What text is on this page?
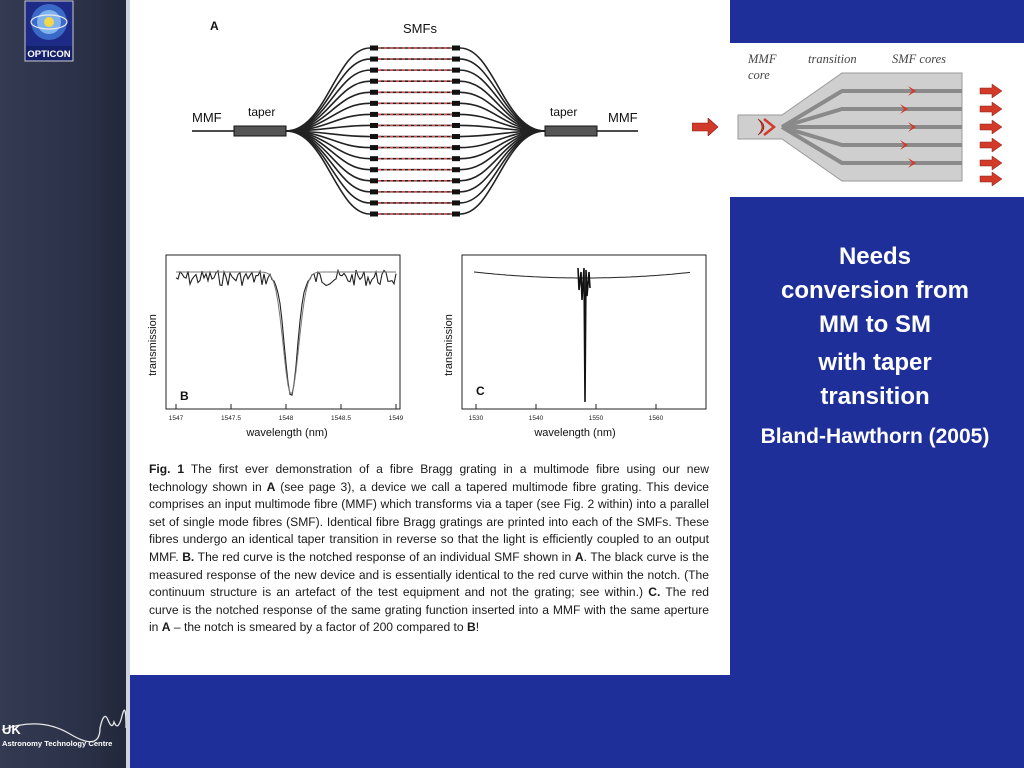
OPTICON
UK
Astronomy Technology Centre
A	SMFs
MMF taper	taper MMF
B
transmission
wavelength (nm)
1547	1547.5	1548	1548.5	1549
C
transmission
wavelength (nm)
1530	1540	1550	1560
Fig. 1 The first ever demonstration of a fibre Bragg grating in a multimode fibre using our new technology shown in A (see page 3), a device we call a tapered multimode fibre grating. This device comprises an input multimode fibre (MMF) which transforms via a taper (see Fig. 2 within) into a parallel set of single mode fibres (SMF). Identical fibre Bragg gratings are printed into each of the SMFs. These fibres undergo an identical taper transition in reverse so that the light is efficiently coupled to an output MMF. B. The red curve is the notched response of an individual SMF shown in A. The black curve is the measured response of the new device and is essentially identical to the red curve within the notch. (The continuum structure is an artefact of the test equipment and not the grating; see within.) C. The red curve is the notched response of the same grating function inserted into a MMF with the same aperture in A – the notch is smeared by a factor of 200 compared to B!
MMF
core
transition	SMF cores
Needs
conversion from
MM to SM
with taper
transition
Bland-Hawthorn (2005)
